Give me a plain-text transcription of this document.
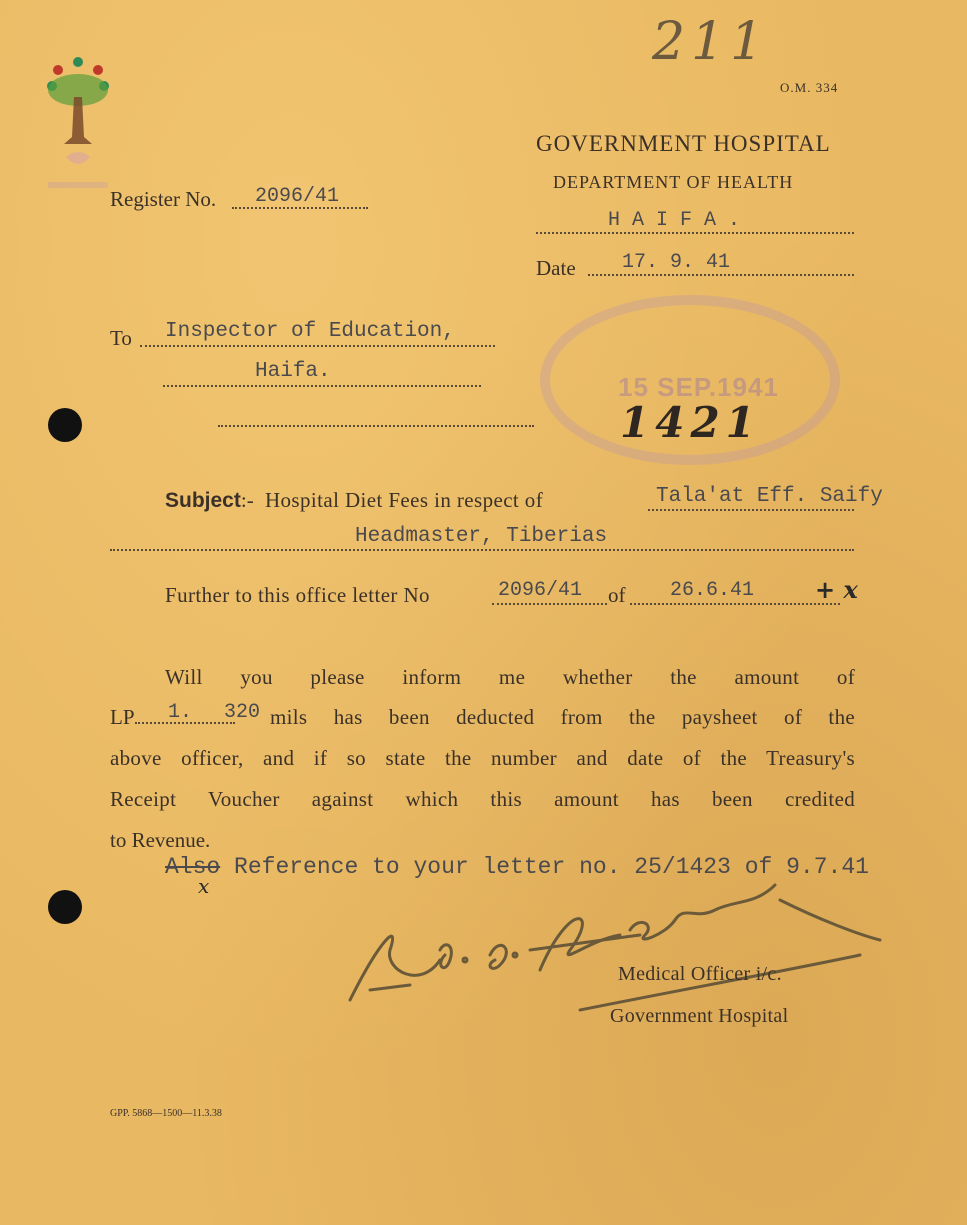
211
O.M. 334
GOVERNMENT HOSPITAL
DEPARTMENT OF HEALTH
H A I F A .
Date 17. 9. 41
Register No. 2096/41
To Inspector of Education,
Haifa.
15 SEP.1941
1421
Subject:- Hospital Diet Fees in respect of	Tala'at Eff. Saify
Headmaster, Tiberias
Further to this office letter No	2096/41 of 26.6.41	+ x
Will you please inform me whether the amount of
LP	1. 320 mils has been deducted from the paysheet of the
above officer, and if so state the number and date of the Treasury's
Receipt Voucher against which this amount has been credited
to Revenue.
Also Reference to your letter no. 25/1423 of 9.7.41
x
Medical Officer i/c.
Government Hospital
GPP. 5868—1500—11.3.38
